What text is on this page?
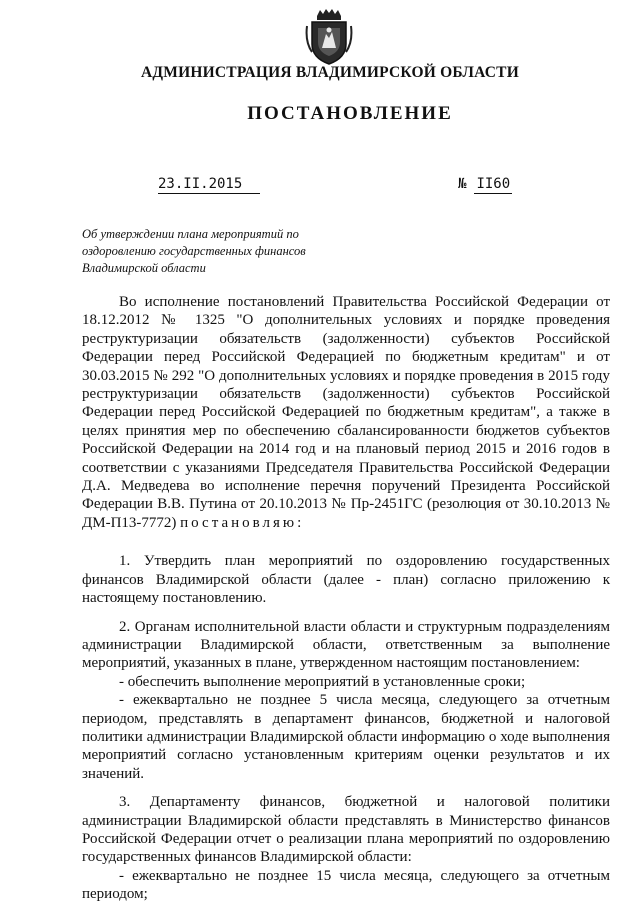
АДМИНИСТРАЦИЯ ВЛАДИМИРСКОЙ ОБЛАСТИ
ПОСТАНОВЛЕНИЕ
23.II.2015	№ II60
Об утверждении плана мероприятий по
оздоровлению государственных финансов
Владимирской области

Во исполнение постановлений Правительства Российской Федерации от 18.12.2012 № 1325 "О дополнительных условиях и порядке проведения реструктуризации обязательств (задолженности) субъектов Российской Федерации перед Российской Федерацией по бюджетным кредитам" и от 30.03.2015 № 292 "О дополнительных условиях и порядке проведения в 2015 году реструктуризации обязательств (задолженности) субъектов Российской Федерации перед Российской Федерацией по бюджетным кредитам", а также в целях принятия мер по обеспечению сбалансированности бюджетов субъектов Российской Федерации на 2014 год и на плановый период 2015 и 2016 годов в соответствии с указаниями Председателя Правительства Российской Федерации Д.А. Медведева во исполнение перечня поручений Президента Российской Федерации В.В. Путина от 20.10.2013 № Пр-2451ГС (резолюция от 30.10.2013 № ДМ-П13-7772) постановляю:

1. Утвердить план мероприятий по оздоровлению государственных финансов Владимирской области (далее - план) согласно приложению к настоящему постановлению.

2. Органам исполнительной власти области и структурным подразделениям администрации Владимирской области, ответственным за выполнение мероприятий, указанных в плане, утвержденном настоящим постановлением:

- обеспечить выполнение мероприятий в установленные сроки;

- ежеквартально не позднее 5 числа месяца, следующего за отчетным периодом, представлять в департамент финансов, бюджетной и налоговой политики администрации Владимирской области информацию о ходе выполнения мероприятий согласно установленным критериям оценки результатов и их значений.

3. Департаменту финансов, бюджетной и налоговой политики администрации Владимирской области представлять в Министерство финансов Российской Федерации отчет о реализации плана мероприятий по оздоровлению государственных финансов Владимирской области:

- ежеквартально не позднее 15 числа месяца, следующего за отчетным периодом;
